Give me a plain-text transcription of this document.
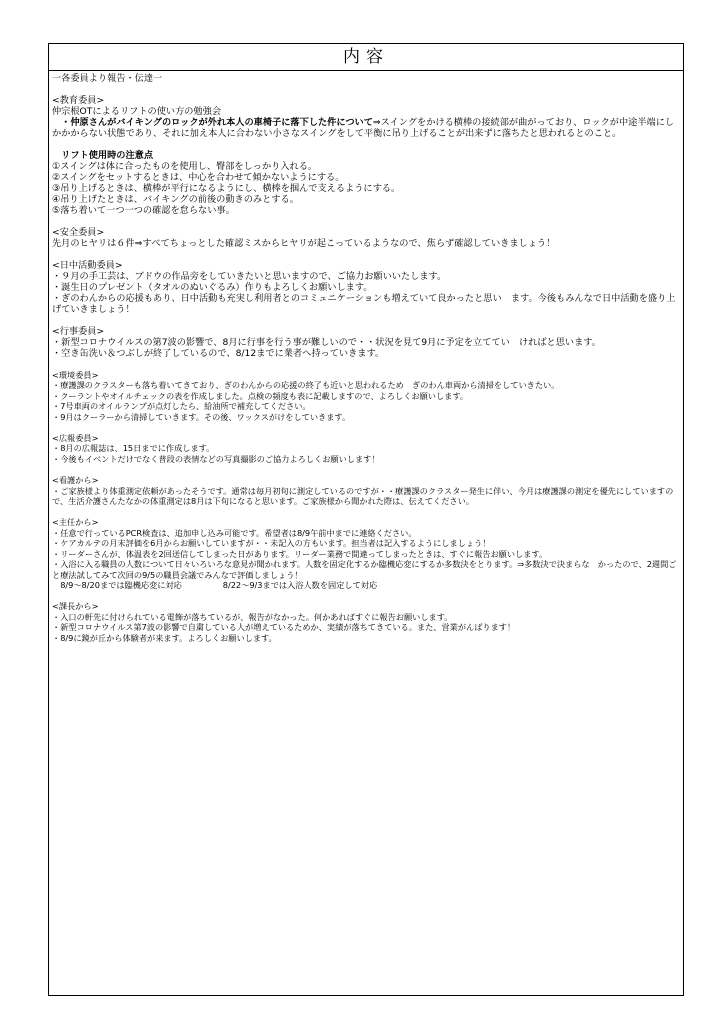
内容

一各委員より報告・伝達一

<教育委員>

仲宗根OTによるリフトの使い方の勉強会

　・仲原さんがバイキングのロックが外れ本人の車椅子に落下した件について⇒スイングをかける横棒の接続部が曲がっており、ロックが中途半端にしかかからない状態であり、それに加え本人に合わない小さなスイングをして平衡に吊り上げることが出来ずに落ちたと思われるとのこと。

　リフト使用時の注意点

①スイングは体に合ったものを使用し、臀部をしっかり入れる。

②スイングをセットするときは、中心を合わせて傾かないようにする。

③吊り上げるときは、横棒が平行になるようにし、横棒を掴んで支えるようにする。

④吊り上げたときは、バイキングの前後の動きのみとする。

⑤落ち着いて一つ一つの確認を怠らない事。

<安全委員>

先月のヒヤリは６件⇒すべてちょっとした確認ミスからヒヤリが起こっているようなので、焦らず確認していきましょう！

<日中活動委員>

・９月の手工芸は、ブドウの作品旁をしていきたいと思いますので、ご協力お願いいたします。

・誕生日のプレゼント（タオルのぬいぐるみ）作りもよろしくお願いします。

・ぎのわんからの応援もあり、日中活動も充実し利用者とのコミュニケーションも増えていて良かったと思い　ます。今後もみんなで日中活動を盛り上げていきましょう！

<行事委員>

・新型コロナウイルスの第7波の影響で、8月に行事を行う事が難しいので・・状況を見て9月に予定を立ててい　ければと思います。

・空き缶洗い＆つぶしが終了しているので、8/12までに業者へ持っていきます。

<環境委員>

・療護課のクラスターも落ち着いてきており、ぎのわんからの応援の終了も近いと思われるため　ぎのわん車両から清掃をしていきたい。

・クーラントやオイルチェックの表を作成しました。点検の頻度も表に記載しますので、よろしくお願いします。

・7号車両のオイルランプが点灯したら、給油所で補充してください。

・9月はクーラーから清掃していきます。その後、ワックスがけをしていきます。

<広報委員>

・8月の広報誌は、15日までに作成します。

・今後もイベントだけでなく普段の表情などの写真撮影のご協力よろしくお願いします！

<看護から>

・ご家族様より体重測定依頼があったそうです。通常は毎月初旬に測定しているのですが・・療護課のクラスター発生に伴い、今月は療護課の測定を優先にしていますので、生活介護さんたなかの体重測定は8月は下旬になると思います。ご家族様から聞かれた際は、伝えてください。

<主任から>

・任意で行っているPCR検査は、追加申し込み可能です。希望者は8/9午前中までに連絡ください。

・ケアカルテの月末評価を6月からお願いしていますが・・未記入の方もいます。担当者は記入するようにしましょう！

・リーダーさんが、体温表を2回送信してしまった日があります。リーダー業務で間違ってしまったときは、すぐに報告お願いします。

・入浴に入る職員の人数について日々いろいろな意見が聞かれます。人数を固定化するか臨機応変にするか多数決をとります。⇒多数決で決まらな　かったので、2週間ごと療法試してみて次回の9/5の職員会議でみんなで評価しましょう！

　8/9～8/20までは臨機応変に対応　　　　　8/22～9/3までは入浴人数を固定して対応

<課長から>

・入口の軒先に付けられている電飾が落ちているが、報告がなかった。何かあればすぐに報告お願いします。

・新型コロナウイルス第7波の影響で自粛している人が増えているためか、実績が落ちてきている。また、営業がんばります！

・8/9に鏡が丘から体験者が来ます。よろしくお願いします。
